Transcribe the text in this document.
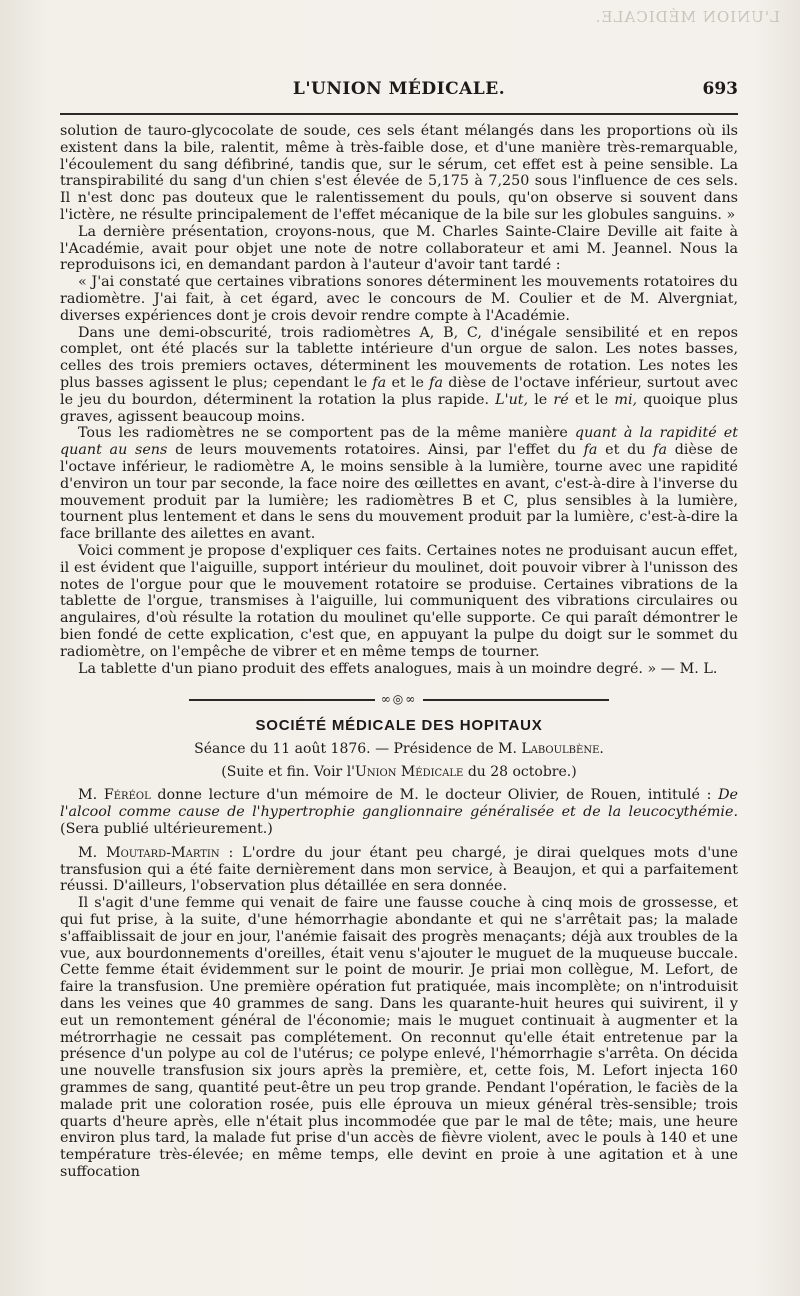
L'UNION MÉDICALE.
L'UNION MÉDICALE.	693

solution de tauro-glycocolate de soude, ces sels étant mélangés dans les proportions où ils existent dans la bile, ralentit, même à très-faible dose, et d'une manière très-remarquable, l'écoulement du sang défibriné, tandis que, sur le sérum, cet effet est à peine sensible. La transpirabilité du sang d'un chien s'est élevée de 5,175 à 7,250 sous l'influence de ces sels. Il n'est donc pas douteux que le ralentissement du pouls, qu'on observe si souvent dans l'ictère, ne résulte principalement de l'effet mécanique de la bile sur les globules sanguins. »

La dernière présentation, croyons-nous, que M. Charles Sainte-Claire Deville ait faite à l'Académie, avait pour objet une note de notre collaborateur et ami M. Jeannel. Nous la reproduisons ici, en demandant pardon à l'auteur d'avoir tant tardé :

« J'ai constaté que certaines vibrations sonores déterminent les mouvements rotatoires du radiomètre. J'ai fait, à cet égard, avec le concours de M. Coulier et de M. Alvergniat, diverses expériences dont je crois devoir rendre compte à l'Académie.

Dans une demi-obscurité, trois radiomètres A, B, C, d'inégale sensibilité et en repos complet, ont été placés sur la tablette intérieure d'un orgue de salon. Les notes basses, celles des trois premiers octaves, déterminent les mouvements de rotation. Les notes les plus basses agissent le plus; cependant le fa et le fa dièse de l'octave inférieur, surtout avec le jeu du bourdon, déterminent la rotation la plus rapide. L'ut, le ré et le mi, quoique plus graves, agissent beaucoup moins.

Tous les radiomètres ne se comportent pas de la même manière quant à la rapidité et quant au sens de leurs mouvements rotatoires. Ainsi, par l'effet du fa et du fa dièse de l'octave inférieur, le radiomètre A, le moins sensible à la lumière, tourne avec une rapidité d'environ un tour par seconde, la face noire des œillettes en avant, c'est-à-dire à l'inverse du mouvement produit par la lumière; les radiomètres B et C, plus sensibles à la lumière, tournent plus lentement et dans le sens du mouvement produit par la lumière, c'est-à-dire la face brillante des ailettes en avant.

Voici comment je propose d'expliquer ces faits. Certaines notes ne produisant aucun effet, il est évident que l'aiguille, support intérieur du moulinet, doit pouvoir vibrer à l'unisson des notes de l'orgue pour que le mouvement rotatoire se produise. Certaines vibrations de la tablette de l'orgue, transmises à l'aiguille, lui communiquent des vibrations circulaires ou angulaires, d'où résulte la rotation du moulinet qu'elle supporte. Ce qui paraît démontrer le bien fondé de cette explication, c'est que, en appuyant la pulpe du doigt sur le sommet du radiomètre, on l'empêche de vibrer et en même temps de tourner.

La tablette d'un piano produit des effets analogues, mais à un moindre degré. » — M. L.

∞◎∞
SOCIÉTÉ MÉDICALE DES HOPITAUX
Séance du 11 août 1876. — Présidence de M. Laboulbène.
(Suite et fin. Voir l'Union Médicale du 28 octobre.)

M. Féréol donne lecture d'un mémoire de M. le docteur Olivier, de Rouen, intitulé : De l'alcool comme cause de l'hypertrophie ganglionnaire généralisée et de la leucocythémie. (Sera publié ultérieurement.)

M. Moutard-Martin : L'ordre du jour étant peu chargé, je dirai quelques mots d'une transfusion qui a été faite dernièrement dans mon service, à Beaujon, et qui a parfaitement réussi. D'ailleurs, l'observation plus détaillée en sera donnée.

Il s'agit d'une femme qui venait de faire une fausse couche à cinq mois de grossesse, et qui fut prise, à la suite, d'une hémorrhagie abondante et qui ne s'arrêtait pas; la malade s'affaiblissait de jour en jour, l'anémie faisait des progrès menaçants; déjà aux troubles de la vue, aux bourdonnements d'oreilles, était venu s'ajouter le muguet de la muqueuse buccale. Cette femme était évidemment sur le point de mourir. Je priai mon collègue, M. Lefort, de faire la transfusion. Une première opération fut pratiquée, mais incomplète; on n'introduisit dans les veines que 40 grammes de sang. Dans les quarante-huit heures qui suivirent, il y eut un remontement général de l'économie; mais le muguet continuait à augmenter et la métrorrhagie ne cessait pas complétement. On reconnut qu'elle était entretenue par la présence d'un polype au col de l'utérus; ce polype enlevé, l'hémorrhagie s'arrêta. On décida une nouvelle transfusion six jours après la première, et, cette fois, M. Lefort injecta 160 grammes de sang, quantité peut-être un peu trop grande. Pendant l'opération, le faciès de la malade prit une coloration rosée, puis elle éprouva un mieux général très-sensible; trois quarts d'heure après, elle n'était plus incommodée que par le mal de tête; mais, une heure environ plus tard, la malade fut prise d'un accès de fièvre violent, avec le pouls à 140 et une température très-élevée; en même temps, elle devint en proie à une agitation et à une suffocation
